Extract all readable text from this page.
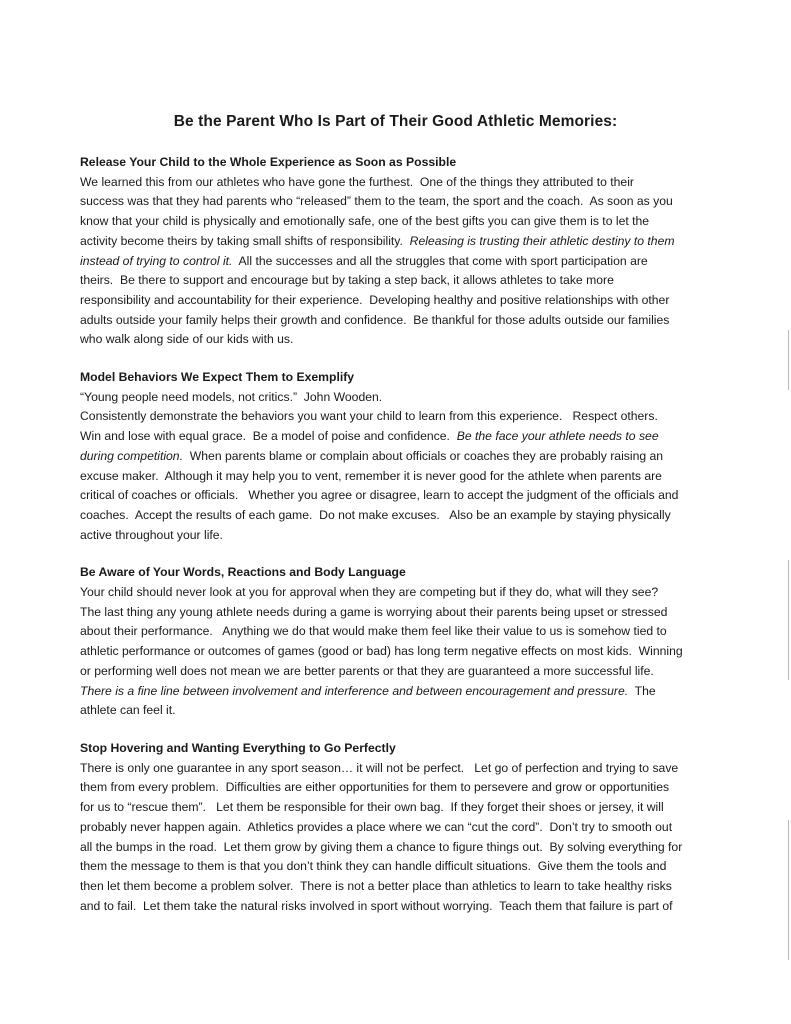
Be the Parent Who Is Part of Their Good Athletic Memories:
Release Your Child to the Whole Experience as Soon as Possible

We learned this from our athletes who have gone the furthest.  One of the things they attributed to their
success was that they had parents who “released” them to the team, the sport and the coach.  As soon as you
know that your child is physically and emotionally safe, one of the best gifts you can give them is to let the
activity become theirs by taking small shifts of responsibility.  Releasing is trusting their athletic destiny to them
instead of trying to control it.  All the successes and all the struggles that come with sport participation are
theirs.  Be there to support and encourage but by taking a step back, it allows athletes to take more
responsibility and accountability for their experience.  Developing healthy and positive relationships with other
adults outside your family helps their growth and confidence.  Be thankful for those adults outside our families
who walk along side of our kids with us.

Model Behaviors We Expect Them to Exemplify

“Young people need models, not critics.”  John Wooden.
Consistently demonstrate the behaviors you want your child to learn from this experience.   Respect others.
Win and lose with equal grace.  Be a model of poise and confidence.  Be the face your athlete needs to see
during competition.  When parents blame or complain about officials or coaches they are probably raising an
excuse maker.  Although it may help you to vent, remember it is never good for the athlete when parents are
critical of coaches or officials.   Whether you agree or disagree, learn to accept the judgment of the officials and
coaches.  Accept the results of each game.  Do not make excuses.   Also be an example by staying physically
active throughout your life.

Be Aware of Your Words, Reactions and Body Language

Your child should never look at you for approval when they are competing but if they do, what will they see?
The last thing any young athlete needs during a game is worrying about their parents being upset or stressed
about their performance.   Anything we do that would make them feel like their value to us is somehow tied to
athletic performance or outcomes of games (good or bad) has long term negative effects on most kids.  Winning
or performing well does not mean we are better parents or that they are guaranteed a more successful life.
There is a fine line between involvement and interference and between encouragement and pressure.  The
athlete can feel it.

Stop Hovering and Wanting Everything to Go Perfectly

There is only one guarantee in any sport season… it will not be perfect.   Let go of perfection and trying to save
them from every problem.  Difficulties are either opportunities for them to persevere and grow or opportunities
for us to “rescue them”.   Let them be responsible for their own bag.  If they forget their shoes or jersey, it will
probably never happen again.  Athletics provides a place where we can “cut the cord”.  Don’t try to smooth out
all the bumps in the road.  Let them grow by giving them a chance to figure things out.  By solving everything for
them the message to them is that you don’t think they can handle difficult situations.  Give them the tools and
then let them become a problem solver.  There is not a better place than athletics to learn to take healthy risks
and to fail.  Let them take the natural risks involved in sport without worrying.  Teach them that failure is part of
